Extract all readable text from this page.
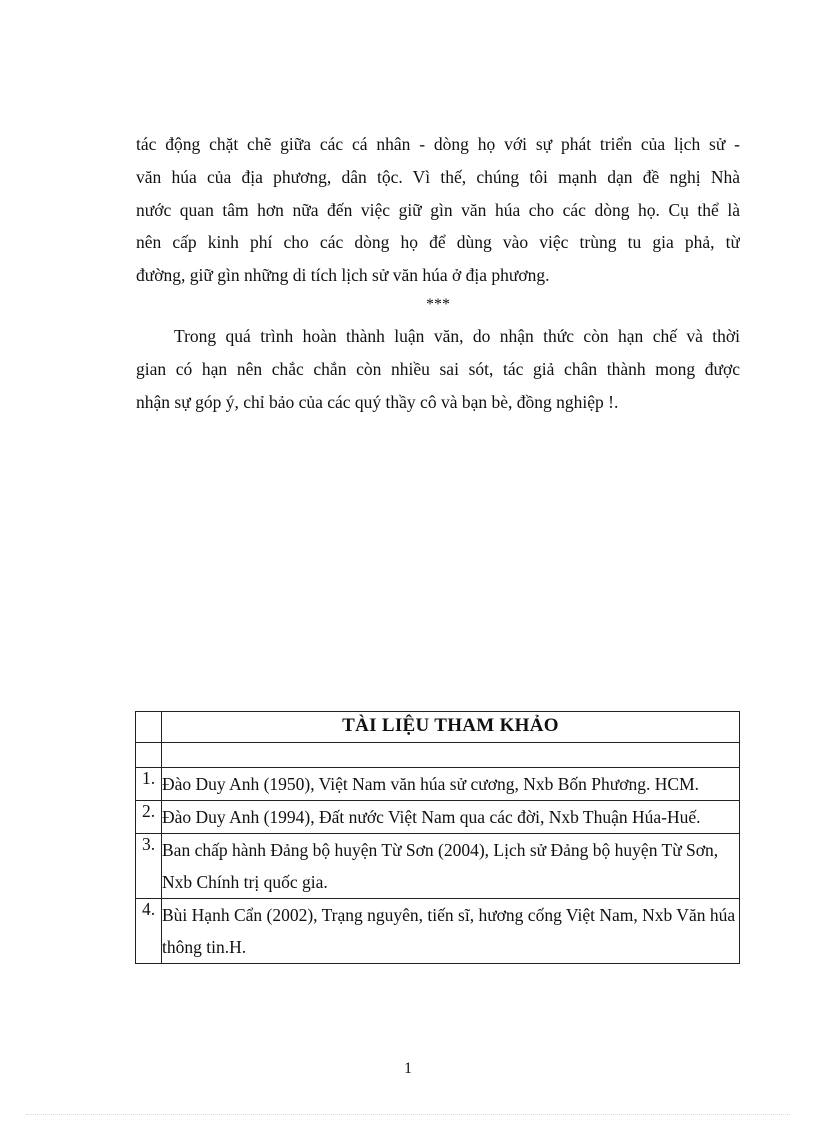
tác động chặt chẽ giữa các cá nhân - dòng họ với sự phát triển của lịch sử -
văn húa của địa phương, dân tộc. Vì thế, chúng tôi mạnh dạn đề nghị Nhà
nước quan tâm hơn nữa đến việc giữ gìn văn húa cho các dòng họ. Cụ thể là
nên cấp kinh phí cho các dòng họ để dùng vào việc trùng tu gia phả, từ
đường, giữ gìn những di tích lịch sử văn húa ở địa phương.

***

Trong quá trình hoàn thành luận văn, do nhận thức còn hạn chế và thời
gian có hạn nên chắc chắn còn nhiều sai sót, tác giả chân thành mong được
nhận sự góp ý, chỉ bảo của các quý thầy cô và bạn bè, đồng nghiệp !.

	TÀI LIỆU THAM KHẢO

1.	Đào Duy Anh (1950), Việt Nam văn húa sử cương, Nxb Bốn Phương. HCM.
2.	Đào Duy Anh (1994), Đất nước Việt Nam qua các đời, Nxb Thuận Húa-Huế.
3.	Ban chấp hành Đảng bộ huyện Từ Sơn (2004), Lịch sử Đảng bộ huyện Từ Sơn, Nxb Chính trị quốc gia.
4.	Bùi Hạnh Cẩn (2002), Trạng nguyên, tiến sĩ, hương cống Việt Nam, Nxb Văn húa thông tin.H.
1
